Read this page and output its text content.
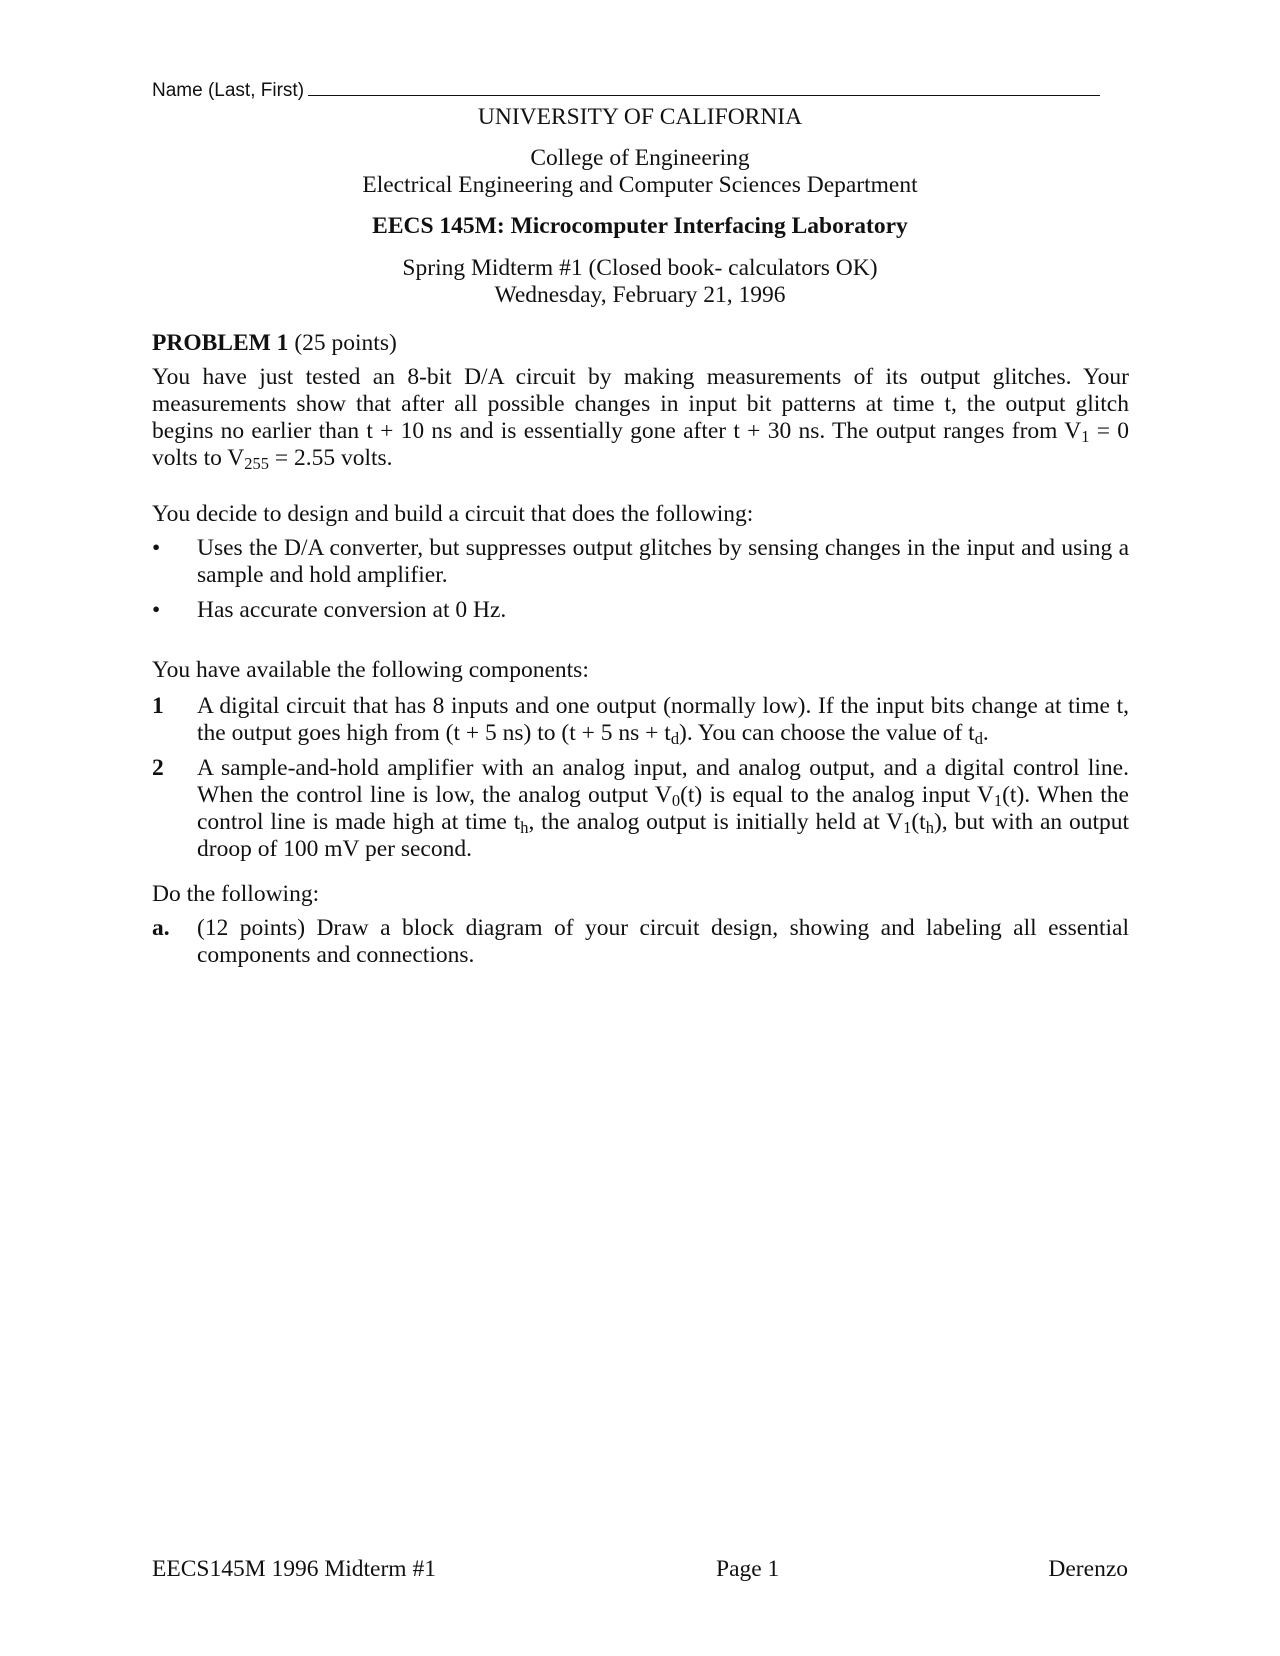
Name (Last, First)
UNIVERSITY OF CALIFORNIA
College of Engineering
Electrical Engineering and Computer Sciences Department
EECS 145M: Microcomputer Interfacing Laboratory
Spring Midterm #1 (Closed book- calculators OK)
Wednesday, February 21, 1996
PROBLEM 1 (25 points)
You have just tested an 8-bit D/A circuit by making measurements of its output glitches. Your measurements show that after all possible changes in input bit patterns at time t, the output glitch begins no earlier than t + 10 ns and is essentially gone after t + 30 ns. The output ranges from $V_1 = 0$ volts to $V_{255} = 2.55$ volts.
You decide to design and build a circuit that does the following:
•	Uses the D/A converter, but suppresses output glitches by sensing changes in the input and using a sample and hold amplifier.
•	Has accurate conversion at 0 Hz.
You have available the following components:
1	A digital circuit that has 8 inputs and one output (normally low). If the input bits change at time t, the output goes high from (t + 5 ns) to (t + 5 ns + $t_d$). You can choose the value of $t_d$.
2	A sample-and-hold amplifier with an analog input, and analog output, and a digital control line. When the control line is low, the analog output $V_0(t)$ is equal to the analog input $V_1(t)$. When the control line is made high at time $t_h$, the analog output is initially held at $V_1(t_h)$, but with an output droop of 100 mV per second.
Do the following:
a.	(12 points) Draw a block diagram of your circuit design, showing and labeling all essential components and connections.
EECS145M 1996 Midterm #1	Page 1	Derenzo
